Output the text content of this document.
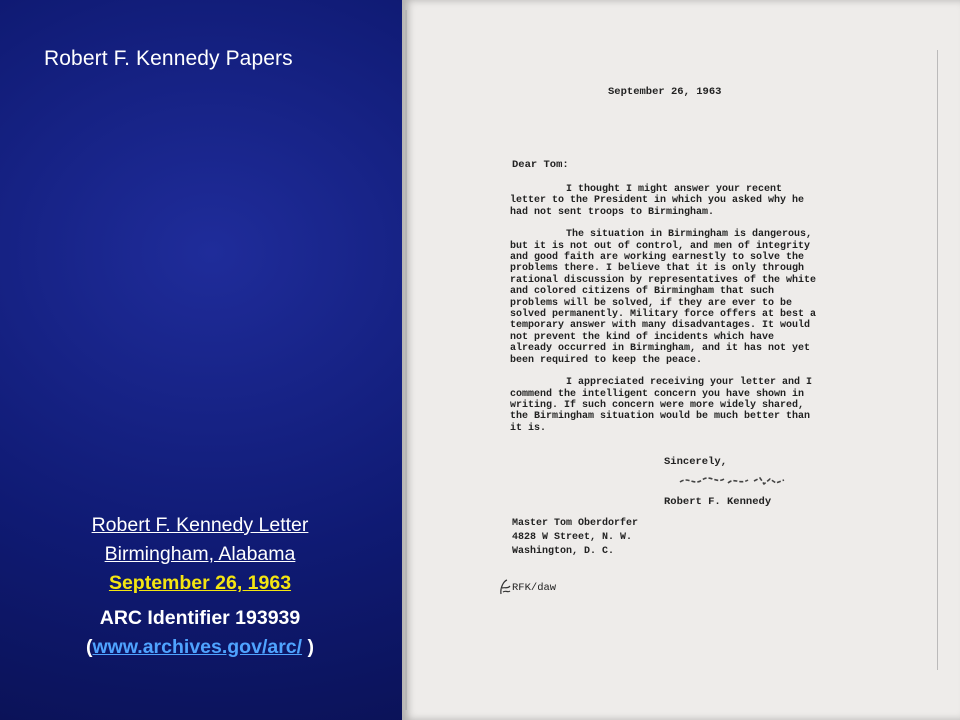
Robert F. Kennedy Papers
Robert F. Kennedy Letter
Birmingham, Alabama
September 26, 1963
ARC Identifier 193939
(www.archives.gov/arc/ )
September 26, 1963
Dear Tom:

I thought I might answer your recent letter to the President in which you asked why he had not sent troops to Birmingham.

The situation in Birmingham is dangerous, but it is not out of control, and men of integrity and good faith are working earnestly to solve the problems there. I believe that it is only through rational discussion by representatives of the white and colored citizens of Birmingham that such problems will be solved, if they are ever to be solved permanently. Military force offers at best a temporary answer with many disadvantages. It would not prevent the kind of incidents which have already occurred in Birmingham, and it has not yet been required to keep the peace.

I appreciated receiving your letter and I commend the intelligent concern you have shown in writing. If such concern were more widely shared, the Birmingham situation would be much better than it is.

Sincerely,
Robert F. Kennedy
Master Tom Oberdorfer
4828 W Street, N. W.
Washington, D. C.
RFK/daw
